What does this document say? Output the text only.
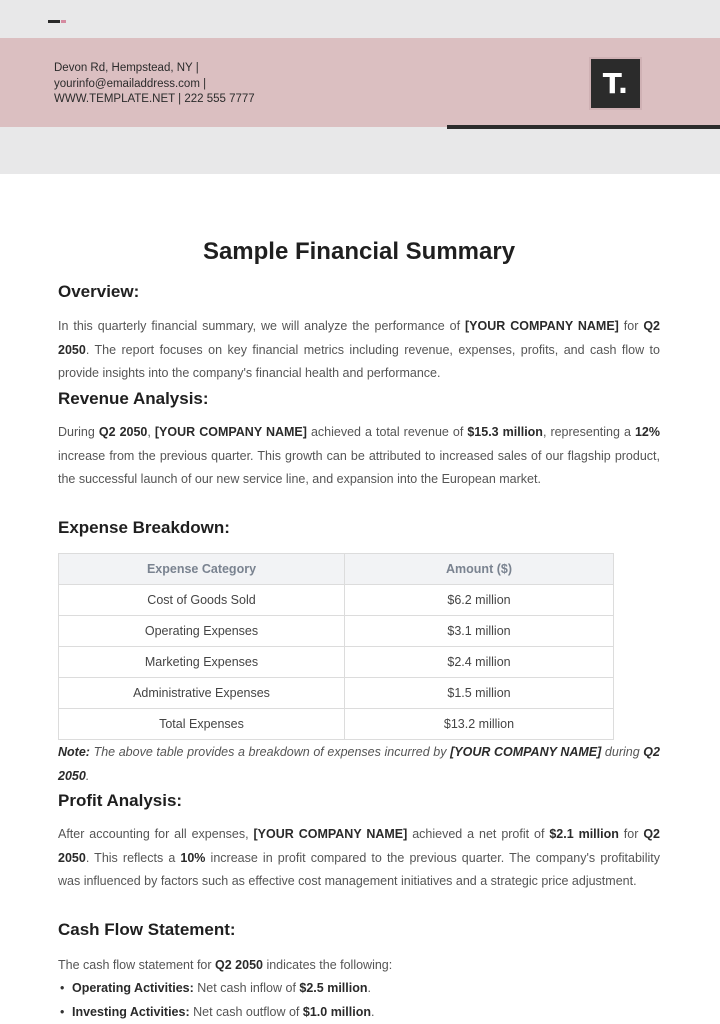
Devon Rd, Hempstead, NY |
yourinfo@emailaddress.com |
WWW.TEMPLATE.NET | 222 555 7777	T.
Sample Financial Summary
Overview:

In this quarterly financial summary, we will analyze the performance of [YOUR COMPANY NAME] for Q2 2050. The report focuses on key financial metrics including revenue, expenses, profits, and cash flow to provide insights into the company's financial health and performance.

Revenue Analysis:

During Q2 2050, [YOUR COMPANY NAME] achieved a total revenue of $15.3 million, representing a 12% increase from the previous quarter. This growth can be attributed to increased sales of our flagship product, the successful launch of our new service line, and expansion into the European market.

Expense Breakdown:
Expense Category	Amount ($)
Cost of Goods Sold	$6.2 million
Operating Expenses	$3.1 million
Marketing Expenses	$2.4 million
Administrative Expenses	$1.5 million
Total Expenses	$13.2 million

Note: The above table provides a breakdown of expenses incurred by [YOUR COMPANY NAME] during Q2 2050.

Profit Analysis:

After accounting for all expenses, [YOUR COMPANY NAME] achieved a net profit of $2.1 million for Q2 2050. This reflects a 10% increase in profit compared to the previous quarter. The company's profitability was influenced by factors such as effective cost management initiatives and a strategic price adjustment.

Cash Flow Statement:

The cash flow statement for Q2 2050 indicates the following:

• Operating Activities: Net cash inflow of $2.5 million.
• Investing Activities: Net cash outflow of $1.0 million.
